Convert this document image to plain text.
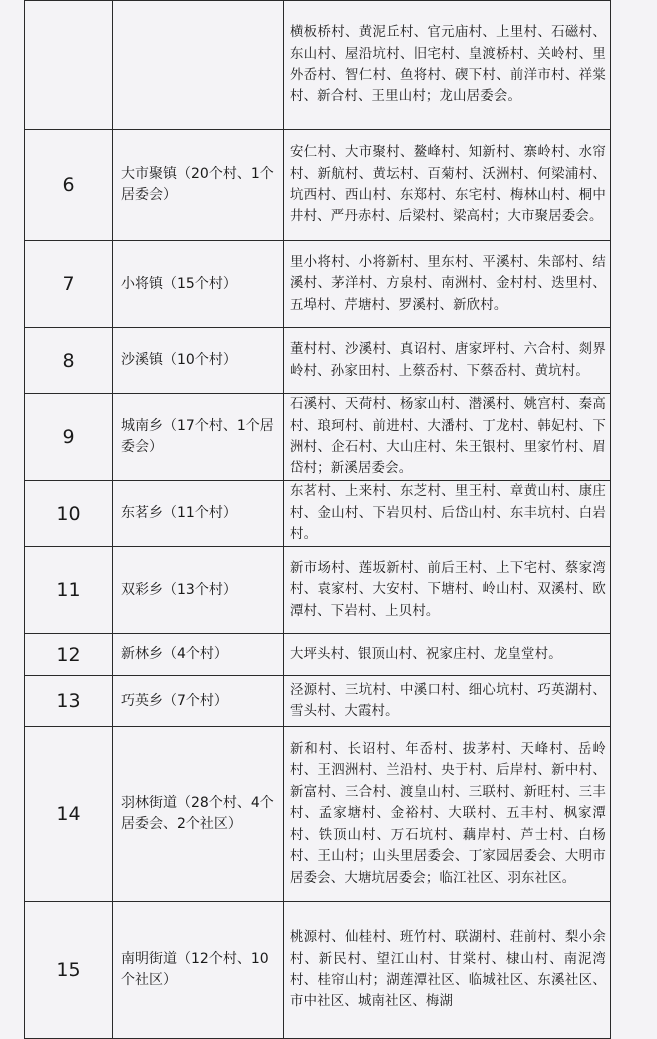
		横板桥村、黄泥丘村、官元庙村、上里村、石磁村、东山村、屋沿坑村、旧宅村、皇渡桥村、关岭村、里外岙村、智仁村、鱼将村、碶下村、前洋市村、祥棠村、新合村、王里山村；龙山居委会。
6	大市聚镇（20个村、1个居委会）	安仁村、大市聚村、鳌峰村、知新村、寨岭村、水帘村、新航村、黄坛村、百菊村、沃洲村、何梁浦村、坑西村、西山村、东郑村、东宅村、梅林山村、桐中井村、严丹赤村、后梁村、梁高村；大市聚居委会。
7	小将镇（15个村）	里小将村、小将新村、里东村、平溪村、朱部村、结溪村、茅洋村、方泉村、南洲村、金村村、迭里村、五埠村、芹塘村、罗溪村、新欣村。
8	沙溪镇（10个村）	董村村、沙溪村、真诏村、唐家坪村、六合村、剡界岭村、孙家田村、上蔡岙村、下蔡岙村、黄坑村。
9	城南乡（17个村、1个居委会）	石溪村、天荷村、杨家山村、潜溪村、姚宫村、秦高村、琅珂村、前进村、大潘村、丁龙村、韩妃村、下洲村、企石村、大山庄村、朱王银村、里家竹村、眉岱村；新溪居委会。
10	东茗乡（11个村）	东茗村、上来村、东芝村、里王村、章黄山村、康庄村、金山村、下岩贝村、后岱山村、东丰坑村、白岩村。
11	双彩乡（13个村）	新市场村、莲坂新村、前后王村、上下宅村、蔡家湾村、袁家村、大安村、下塘村、岭山村、双溪村、欧潭村、下岩村、上贝村。
12	新林乡（4个村）	大坪头村、银顶山村、祝家庄村、龙皇堂村。
13	巧英乡（7个村）	泾源村、三坑村、中溪口村、细心坑村、巧英湖村、雪头村、大霞村。
14	羽林街道（28个村、4个居委会、2个社区）	新和村、长诏村、年岙村、拔茅村、天峰村、岳岭村、王泗洲村、兰沿村、央于村、后岸村、新中村、新富村、三合村、渡皇山村、三联村、新旺村、三丰村、孟家塘村、金裕村、大联村、五丰村、枫家潭村、铁顶山村、万石坑村、藕岸村、芦士村、白杨村、王山村；山头里居委会、丁家园居委会、大明市居委会、大塘坑居委会；临江社区、羽东社区。
15	南明街道（12个村、10个社区）	桃源村、仙桂村、班竹村、联湖村、荘前村、梨小余村、新民村、望江山村、甘棠村、棣山村、南泥湾村、桂帘山村；湖莲潭社区、临城社区、东溪社区、市中社区、城南社区、梅湖
